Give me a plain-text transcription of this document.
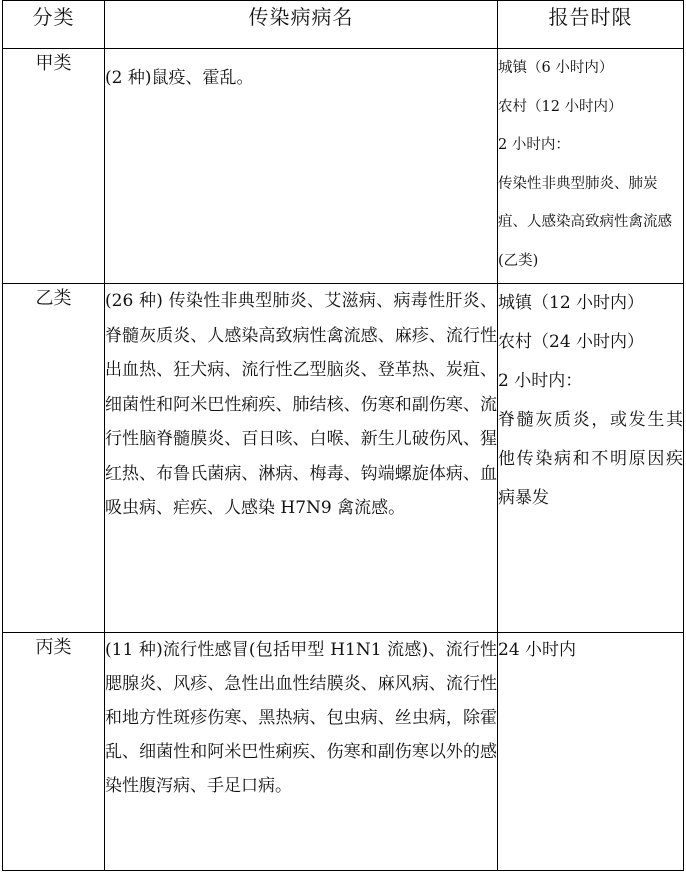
分类	传染病病名	报告时限
甲类	(2 种)鼠疫、霍乱。	城镇（6 小时内）
农村（12 小时内）
2 小时内：
传染性非典型肺炎、肺炭疽、人感染高致病性禽流感(乙类)

乙类	(26 种) 传染性非典型肺炎、艾滋病、病毒性肝炎、脊髓灰质炎、人感染高致病性禽流感、麻疹、流行性出血热、狂犬病、流行性乙型脑炎、登革热、炭疽、细菌性和阿米巴性痢疾、肺结核、伤寒和副伤寒、流行性脑脊髓膜炎、百日咳、白喉、新生儿破伤风、猩红热、布鲁氏菌病、淋病、梅毒、钩端螺旋体病、血吸虫病、疟疾、人感染 H7N9 禽流感。	城镇（12 小时内）
农村（24 小时内）
2 小时内：
脊髓灰质炎，或发生其他传染病和不明原因疾病暴发

丙类	(11 种)流行性感冒(包括甲型 H1N1 流感)、流行性腮腺炎、风疹、急性出血性结膜炎、麻风病、流行性和地方性斑疹伤寒、黑热病、包虫病、丝虫病，除霍乱、细菌性和阿米巴性痢疾、伤寒和副伤寒以外的感染性腹泻病、手足口病。	24 小时内
